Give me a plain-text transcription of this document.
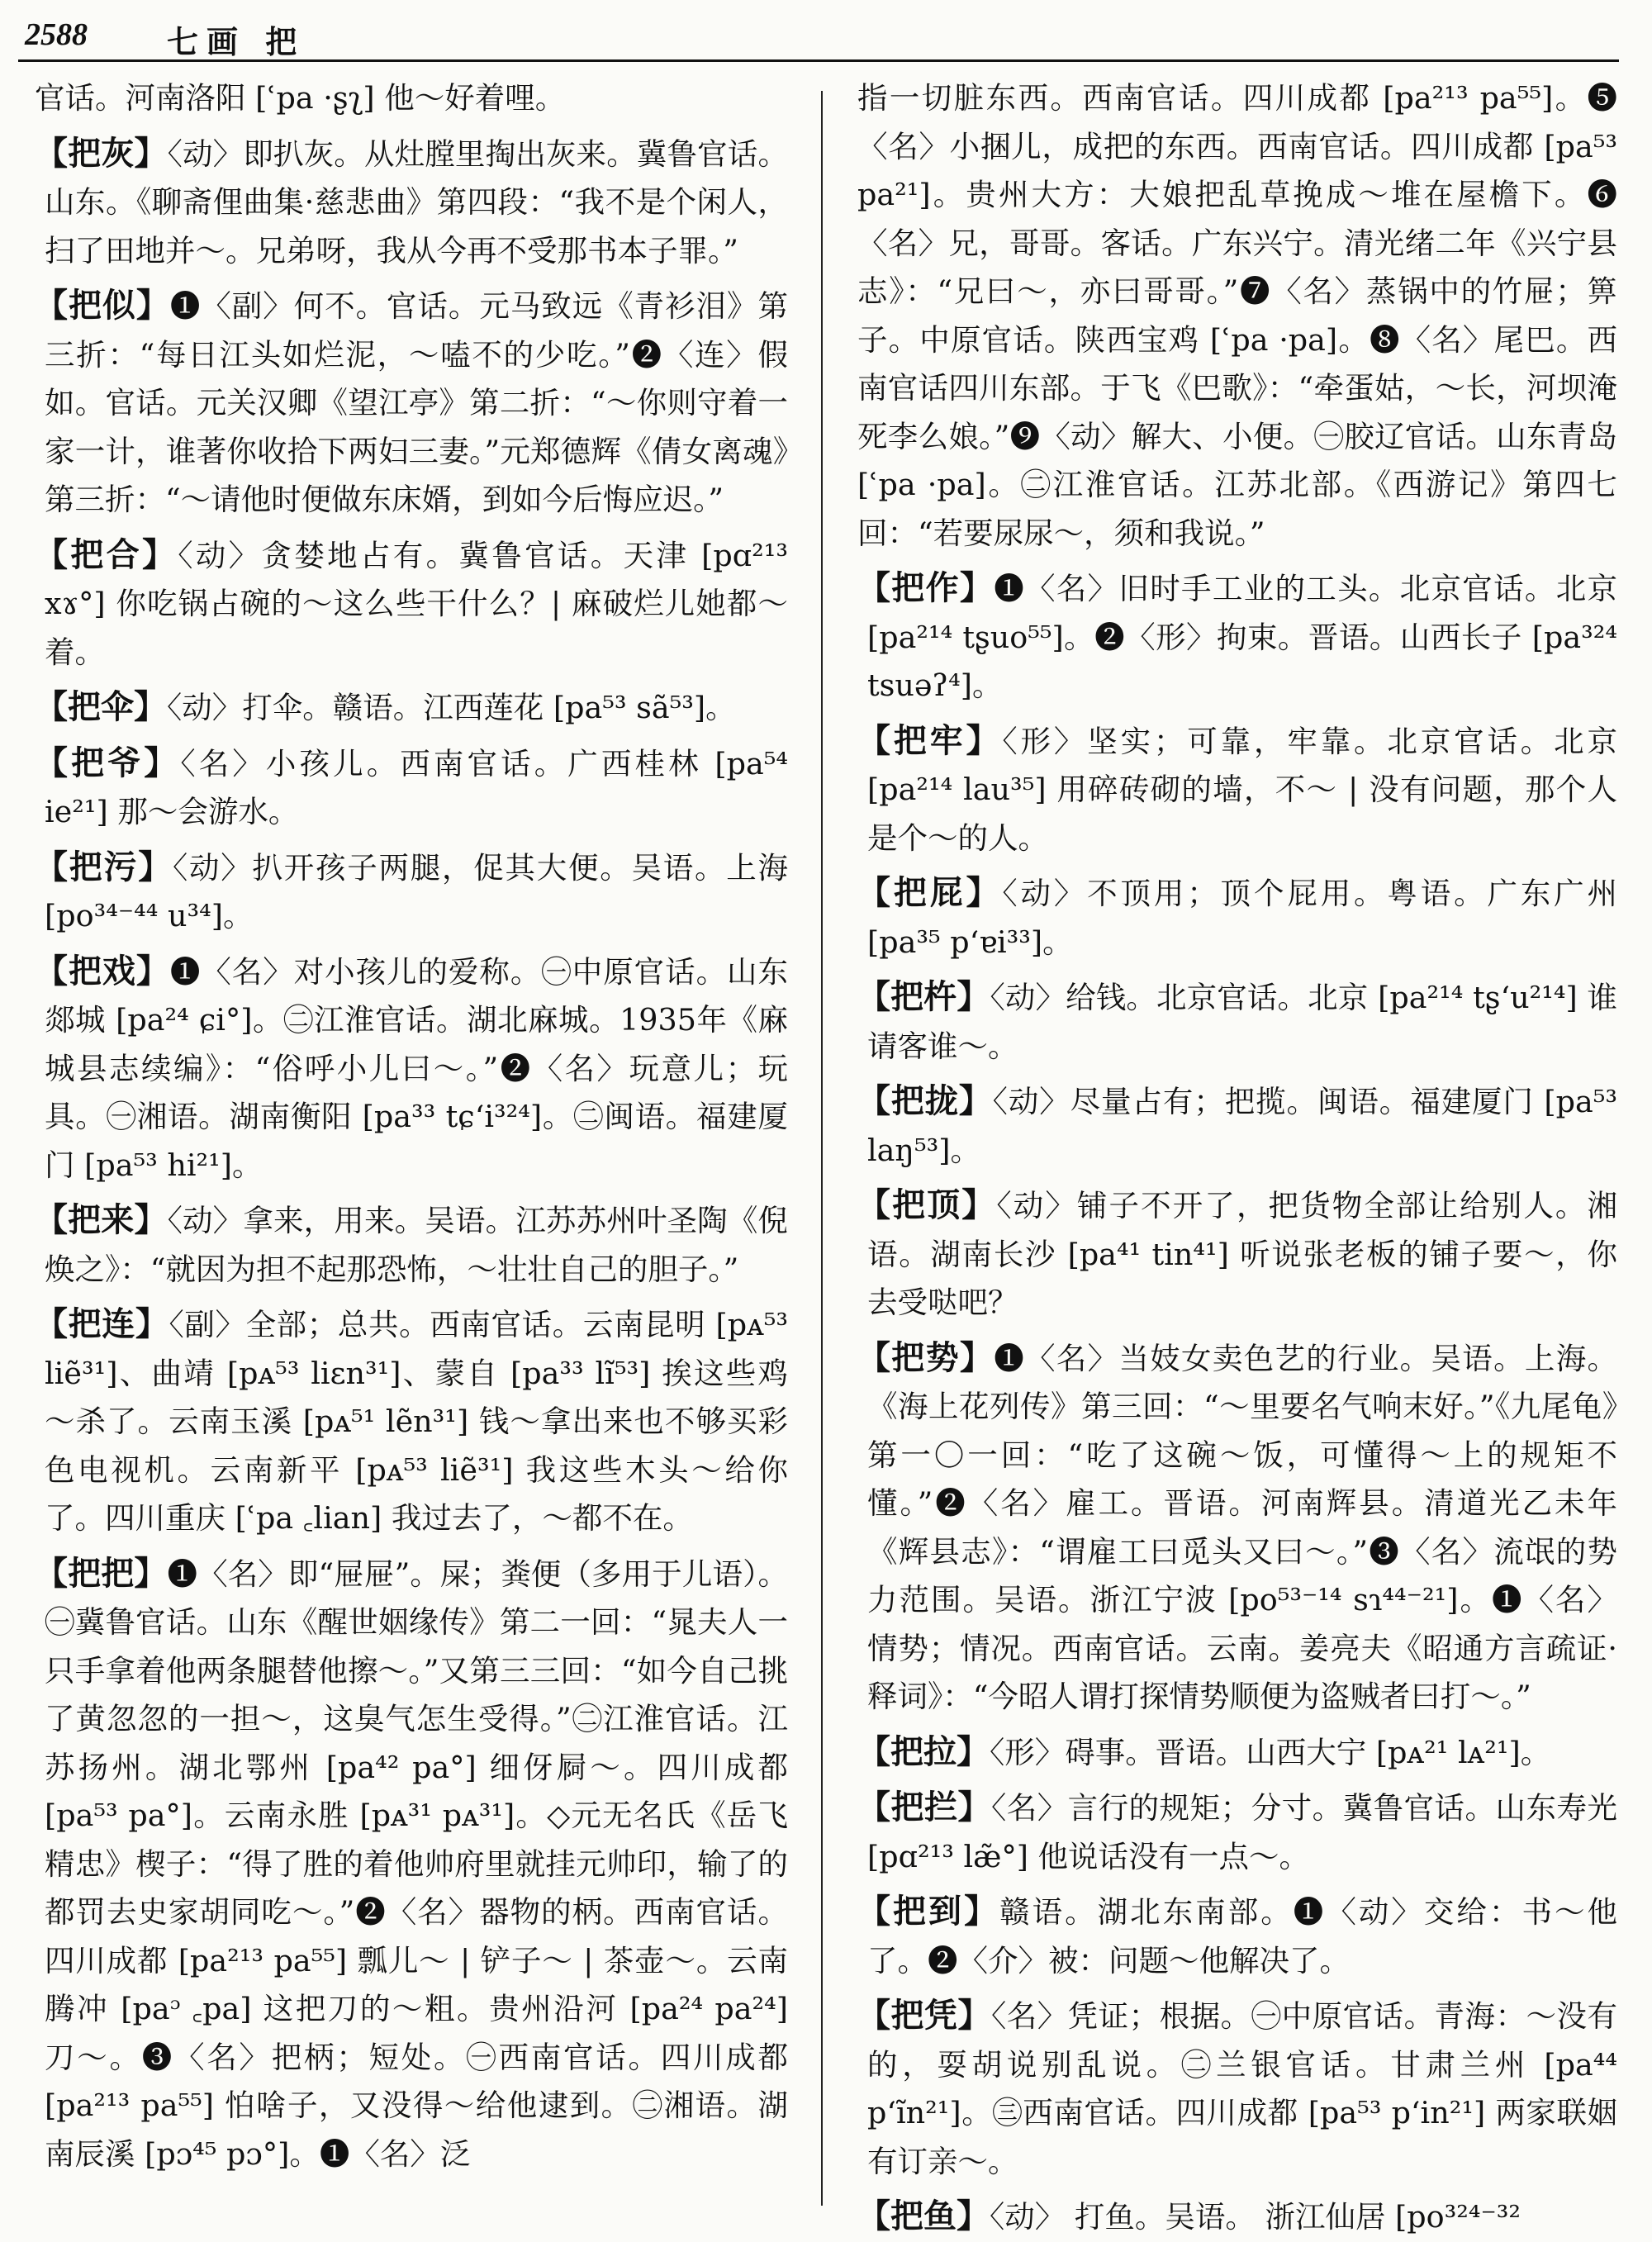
2588	七画 把

官话。河南洛阳 [ʿpa ·ʂʅ] 他～好着哩。

【把灰】〈动〉即扒灰。从灶膛里掏出灰来。冀鲁官话。山东。《聊斋俚曲集·慈悲曲》第四段：“我不是个闲人，扫了田地并～。兄弟呀，我从今再不受那书本子罪。”

【把似】❶〈副〉何不。官话。元马致远《青衫泪》第三折：“每日江头如烂泥，～嗑不的少吃。”❷〈连〉假如。官话。元关汉卿《望江亭》第二折：“～你则守着一家一计，谁著你收拾下两妇三妻。”元郑德辉《倩女离魂》第三折：“～请他时便做东床婿，到如今后悔应迟。”

【把合】〈动〉贪婪地占有。冀鲁官话。天津 [pɑ²¹³ xɤ°] 你吃锅占碗的～这么些干什么？| 麻破烂儿她都～着。

【把伞】〈动〉打伞。赣语。江西莲花 [pa⁵³ sã⁵³]。

【把爷】〈名〉小孩儿。西南官话。广西桂林 [pa⁵⁴ ie²¹] 那～会游水。

【把污】〈动〉扒开孩子两腿，促其大便。吴语。上海 [po³⁴⁻⁴⁴ u³⁴]。

【把戏】❶〈名〉对小孩儿的爱称。㊀中原官话。山东郯城 [pa²⁴ ɕi°]。㊁江淮官话。湖北麻城。1935年《麻城县志续编》：“俗呼小儿曰～。”❷〈名〉玩意儿；玩具。㊀湘语。湖南衡阳 [pa³³ tɕʻi³²⁴]。㊁闽语。福建厦门 [pa⁵³ hi²¹]。

【把来】〈动〉拿来，用来。吴语。江苏苏州叶圣陶《倪焕之》：“就因为担不起那恐怖，～壮壮自己的胆子。”

【把连】〈副〉全部；总共。西南官话。云南昆明 [pᴀ⁵³ liẽ³¹]、曲靖 [pᴀ⁵³ liɛn³¹]、蒙自 [pa³³ lĩ⁵³] 挨这些鸡～杀了。云南玉溪 [pᴀ⁵¹ lẽn³¹] 钱～拿出来也不够买彩色电视机。云南新平 [pᴀ⁵³ liẽ³¹] 我这些木头～给你了。四川重庆 [ʿpa ꜀lian] 我过去了，～都不在。

【把把】❶〈名〉即“屉屉”。屎；粪便（多用于儿语）。㊀冀鲁官话。山东《醒世姻缘传》第二一回：“晁夫人一只手拿着他两条腿替他擦～。”又第三三回：“如今自己挑了黄忽忽的一担～，这臭气怎生受得。”㊁江淮官话。江苏扬州。湖北鄂州 [pa⁴² pa°] 细伢屙～。四川成都 [pa⁵³ pa°]。云南永胜 [pᴀ³¹ pᴀ³¹]。◇元无名氏《岳飞精忠》楔子：“得了胜的着他帅府里就挂元帅印，输了的都罚去史家胡同吃～。”❷〈名〉器物的柄。西南官话。四川成都 [pa²¹³ pa⁵⁵] 瓢儿～ | 铲子～ | 茶壶～。云南腾冲 [paᵓ ꜀pa] 这把刀的～粗。贵州沿河 [pa²⁴ pa²⁴] 刀～。❸〈名〉把柄；短处。㊀西南官话。四川成都 [pa²¹³ pa⁵⁵] 怕啥子，又没得～给他逮到。㊁湘语。湖南辰溪 [pɔ⁴⁵ pɔ°]。❶〈名〉泛

指一切脏东西。西南官话。四川成都 [pa²¹³ pa⁵⁵]。❺〈名〉小捆儿，成把的东西。西南官话。四川成都 [pa⁵³ pa²¹]。贵州大方：大娘把乱草挽成～堆在屋檐下。❻〈名〉兄，哥哥。客话。广东兴宁。清光绪二年《兴宁县志》：“兄曰～，亦曰哥哥。”❼〈名〉蒸锅中的竹屉；箅子。中原官话。陕西宝鸡 [ʿpa ·pa]。❽〈名〉尾巴。西南官话四川东部。于飞《巴歌》：“牵蛋姑，～长，河坝淹死李么娘。”❾〈动〉解大、小便。㊀胶辽官话。山东青岛 [ʿpa ·pa]。㊁江淮官话。江苏北部。《西游记》第四七回：“若要尿尿～，须和我说。”

【把作】❶〈名〉旧时手工业的工头。北京官话。北京 [pa²¹⁴ tʂuo⁵⁵]。❷〈形〉拘束。晋语。山西长子 [pa³²⁴ tsuəʔ⁴]。

【把牢】〈形〉坚实；可靠，牢靠。北京官话。北京 [pa²¹⁴ lau³⁵] 用碎砖砌的墙，不～ | 没有问题，那个人是个～的人。

【把屁】〈动〉不顶用；顶个屁用。粤语。广东广州 [pa³⁵ pʻɐi³³]。

【把杵】〈动〉给钱。北京官话。北京 [pa²¹⁴ tʂʻu²¹⁴] 谁请客谁～。

【把拢】〈动〉尽量占有；把揽。闽语。福建厦门 [pa⁵³ laŋ⁵³]。

【把顶】〈动〉铺子不开了，把货物全部让给别人。湘语。湖南长沙 [pa⁴¹ tin⁴¹] 听说张老板的铺子要～，你去受哒吧？

【把势】❶〈名〉当妓女卖色艺的行业。吴语。上海。《海上花列传》第三回：“～里要名气响末好。”《九尾龟》第一〇一回：“吃了这碗～饭，可懂得～上的规矩不懂。”❷〈名〉雇工。晋语。河南辉县。清道光乙未年《辉县志》：“谓雇工曰觅头又曰～。”❸〈名〉流氓的势力范围。吴语。浙江宁波 [po⁵³⁻¹⁴ sɿ⁴⁴⁻²¹]。❶〈名〉情势；情况。西南官话。云南。姜亮夫《昭通方言疏证·释词》：“今昭人谓打探情势顺便为盗贼者曰打～。”

【把拉】〈形〉碍事。晋语。山西大宁 [pᴀ²¹ lᴀ²¹]。

【把拦】〈名〉言行的规矩；分寸。冀鲁官话。山东寿光 [pɑ²¹³ læ̃°] 他说话没有一点～。

【把到】赣语。湖北东南部。❶〈动〉交给：书～他了。❷〈介〉被：问题～他解决了。

【把凭】〈名〉凭证；根据。㊀中原官话。青海：～没有的，耍胡说别乱说。㊁兰银官话。甘肃兰州 [pa⁴⁴ pʻĩn²¹]。㊂西南官话。四川成都 [pa⁵³ pʻin²¹] 两家联姻有订亲～。

【把鱼】〈动〉 打鱼。吴语。 浙江仙居 [po³²⁴⁻³²
